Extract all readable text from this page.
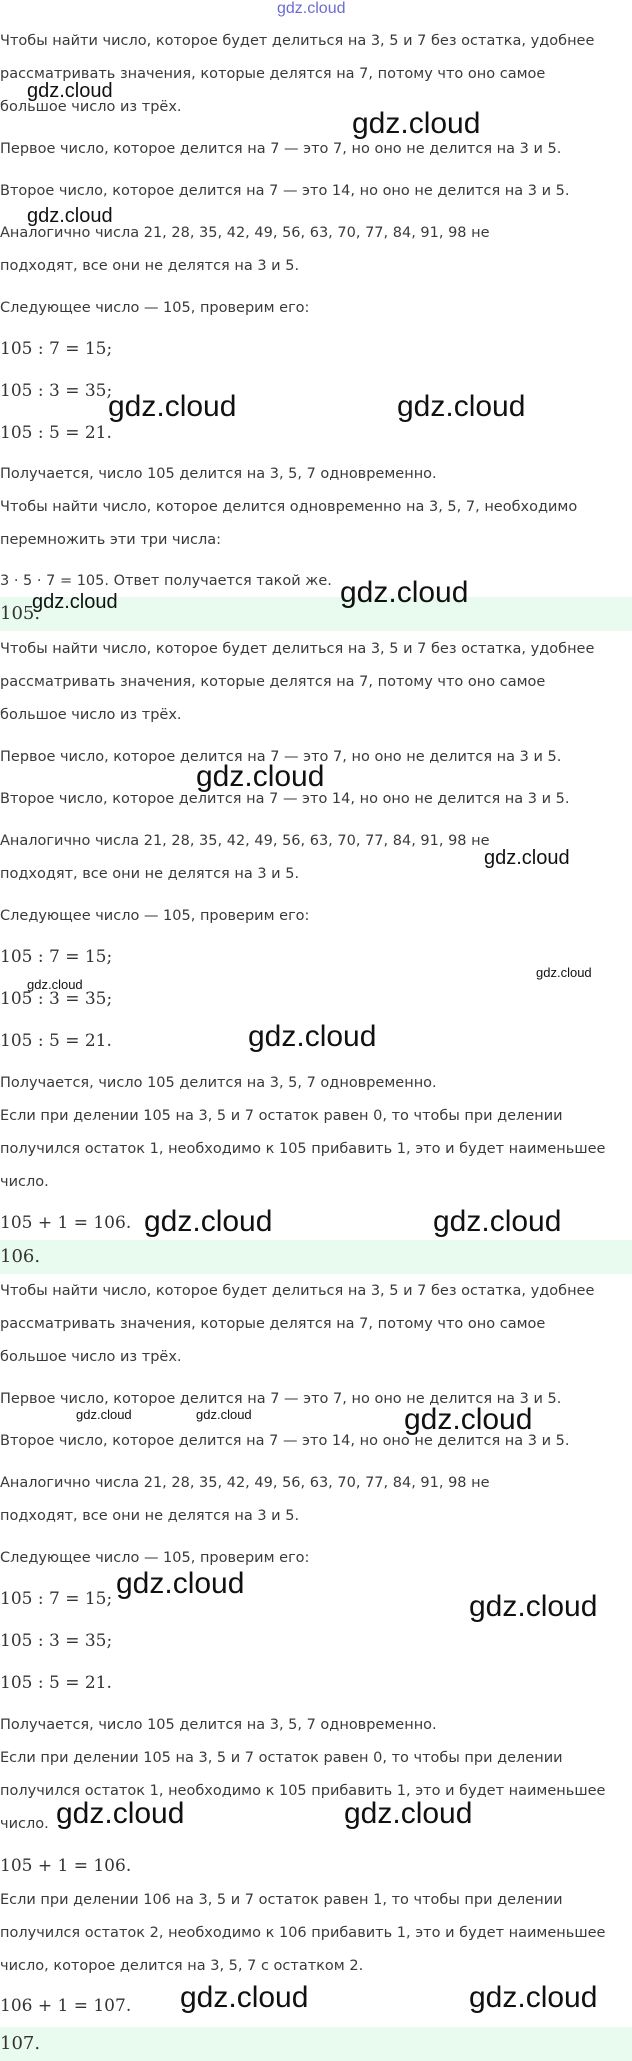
gdz.cloud
Чтобы найти число, которое будет делиться на 3, 5 и 7 без остатка, удобнее
рассматривать значения, которые делятся на 7, потому что оно самое
большое число из трёх.
Первое число, которое делится на 7 — это 7, но оно не делится на 3 и 5.
Второе число, которое делится на 7 — это 14, но оно не делится на 3 и 5.
Аналогично числа 21, 28, 35, 42, 49, 56, 63, 70, 77, 84, 91, 98 не
подходят, все они не делятся на 3 и 5.
Следующее число — 105, проверим его:
105 : 7 = 15;
105 : 3 = 35;
105 : 5 = 21.
Получается, число 105 делится на 3, 5, 7 одновременно.
Чтобы найти число, которое делится одновременно на 3, 5, 7, необходимо
перемножить эти три числа:
3 · 5 · 7 = 105. Ответ получается такой же.
105.
Чтобы найти число, которое будет делиться на 3, 5 и 7 без остатка, удобнее
рассматривать значения, которые делятся на 7, потому что оно самое
большое число из трёх.
Первое число, которое делится на 7 — это 7, но оно не делится на 3 и 5.
Второе число, которое делится на 7 — это 14, но оно не делится на 3 и 5.
Аналогично числа 21, 28, 35, 42, 49, 56, 63, 70, 77, 84, 91, 98 не
подходят, все они не делятся на 3 и 5.
Следующее число — 105, проверим его:
105 : 7 = 15;
105 : 3 = 35;
105 : 5 = 21.
Получается, число 105 делится на 3, 5, 7 одновременно.
Если при делении 105 на 3, 5 и 7 остаток равен 0, то чтобы при делении
получился остаток 1, необходимо к 105 прибавить 1, это и будет наименьшее
число.
105 + 1 = 106.
106.
Чтобы найти число, которое будет делиться на 3, 5 и 7 без остатка, удобнее
рассматривать значения, которые делятся на 7, потому что оно самое
большое число из трёх.
Первое число, которое делится на 7 — это 7, но оно не делится на 3 и 5.
Второе число, которое делится на 7 — это 14, но оно не делится на 3 и 5.
Аналогично числа 21, 28, 35, 42, 49, 56, 63, 70, 77, 84, 91, 98 не
подходят, все они не делятся на 3 и 5.
Следующее число — 105, проверим его:
105 : 7 = 15;
105 : 3 = 35;
105 : 5 = 21.
Получается, число 105 делится на 3, 5, 7 одновременно.
Если при делении 105 на 3, 5 и 7 остаток равен 0, то чтобы при делении
получился остаток 1, необходимо к 105 прибавить 1, это и будет наименьшее
число.
105 + 1 = 106.
Если при делении 106 на 3, 5 и 7 остаток равен 1, то чтобы при делении
получился остаток 2, необходимо к 106 прибавить 1, это и будет наименьшее
число, которое делится на 3, 5, 7 с остатком 2.
106 + 1 = 107.
107.
gdz.cloud
gdz.cloud
gdz.cloud
gdz.cloud	gdz.cloud
gdz.cloud	gdz.cloud
gdz.cloud
gdz.cloud
gdz.cloud
gdz.cloud
gdz.cloud
gdz.cloud	gdz.cloud
gdz.cloud	gdz.cloud	gdz.cloud
gdz.cloud
gdz.cloud
gdz.cloud	gdz.cloud
gdz.cloud	gdz.cloud
